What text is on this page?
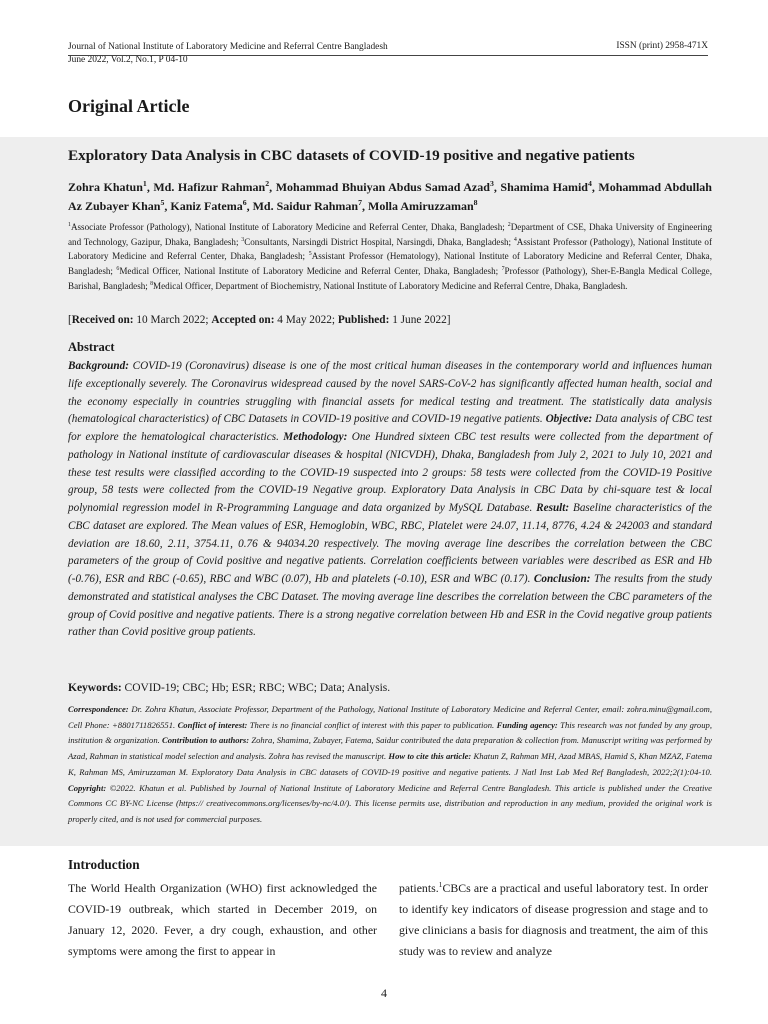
Journal of National Institute of Laboratory Medicine and Referral Centre Bangladesh
June 2022, Vol.2, No.1, P 04-10
ISSN (print) 2958-471X
Original Article
Exploratory Data Analysis in CBC datasets of COVID-19 positive and negative patients
Zohra Khatun$^1$, Md. Hafizur Rahman$^2$, Mohammad Bhuiyan Abdus Samad Azad$^3$, Shamima Hamid$^4$, Mohammad Abdullah Az Zubayer Khan$^5$, Kaniz Fatema$^6$, Md. Saidur Rahman$^7$, Molla Amiruzzaman$^8$
$^1$Associate Professor (Pathology), National Institute of Laboratory Medicine and Referral Center, Dhaka, Bangladesh; $^2$Department of CSE, Dhaka University of Engineering and Technology, Gazipur, Dhaka, Bangladesh; $^3$Consultants, Narsingdi District Hospital, Narsingdi, Dhaka, Bangladesh; $^4$Assistant Professor (Pathology), National Institute of Laboratory Medicine and Referral Center, Dhaka, Bangladesh; $^5$Assistant Professor (Hematology), National Institute of Laboratory Medicine and Referral Center, Dhaka, Bangladesh; $^6$Medical Officer, National Institute of Laboratory Medicine and Referral Center, Dhaka, Bangladesh; $^7$Professor (Pathology), Sher-E-Bangla Medical College, Barishal, Bangladesh; $^8$Medical Officer, Department of Biochemistry, National Institute of Laboratory Medicine and Referral Centre, Dhaka, Bangladesh.
[Received on: 10 March 2022; Accepted on: 4 May 2022; Published: 1 June 2022]
Abstract
Background: COVID-19 (Coronavirus) disease is one of the most critical human diseases in the contemporary world and influences human life exceptionally severely. The Coronavirus widespread caused by the novel SARS-CoV-2 has significantly affected human health, social and the economy especially in countries struggling with financial assets for medical testing and treatment. The statistically data analysis (hematological characteristics) of CBC Datasets in COVID-19 positive and COVID-19 negative patients. Objective: Data analysis of CBC test for explore the hematological characteristics. Methodology: One Hundred sixteen CBC test results were collected from the department of pathology in National institute of cardiovascular diseases & hospital (NICVDH), Dhaka, Bangladesh from July 2, 2021 to July 10, 2021 and these test results were classified according to the COVID-19 suspected into 2 groups: 58 tests were collected from the COVID-19 Positive group, 58 tests were collected from the COVID-19 Negative group. Exploratory Data Analysis in CBC Data by chi-square test & local polynomial regression model in R-Programming Language and data organized by MySQL Database. Result: Baseline characteristics of the CBC dataset are explored. The Mean values of ESR, Hemoglobin, WBC, RBC, Platelet were 24.07, 11.14, 8776, 4.24 & 242003 and standard deviation are 18.60, 2.11, 3754.11, 0.76 & 94034.20 respectively. The moving average line describes the correlation between the CBC parameters of the group of Covid positive and negative patients. Correlation coefficients between variables were described as ESR and Hb (-0.76), ESR and RBC (-0.65), RBC and WBC (0.07), Hb and platelets (-0.10), ESR and WBC (0.17). Conclusion: The results from the study demonstrated and statistical analyses the CBC Dataset. The moving average line describes the correlation between the CBC parameters of the group of Covid positive and negative patients. There is a strong negative correlation between Hb and ESR in the Covid negative group patients rather than Covid positive group patients.
Keywords: COVID-19; CBC; Hb; ESR; RBC; WBC; Data; Analysis.
Correspondence: Dr. Zohra Khatun, Associate Professor, Department of the Pathology, National Institute of Laboratory Medicine and Referral Center, email: zohra.minu@gmail.com, Cell Phone: +8801711826551. Conflict of interest: There is no financial conflict of interest with this paper to publication. Funding agency: This research was not funded by any group, institution & organization. Contribution to authors: Zohra, Shamima, Zubayer, Fatema, Saidur contributed the data preparation & collection from. Manuscript writing was performed by Azad, Rahman in statistical model selection and analysis. Zohra has revised the manuscript. How to cite this article: Khatun Z, Rahman MH, Azad MBAS, Hamid S, Khan MZAZ, Fatema K, Rahman MS, Amiruzzaman M. Exploratory Data Analysis in CBC datasets of COVID-19 positive and negative patients. J Natl Inst Lab Med Ref Bangladesh, 2022;2(1):04-10. Copyright: ©2022. Khatun et al. Published by Journal of National Institute of Laboratory Medicine and Referral Centre Bangladesh. This article is published under the Creative Commons CC BY-NC License (https:// creativecommons.org/licenses/by-nc/4.0/). This license permits use, distribution and reproduction in any medium, provided the original work is properly cited, and is not used for commercial purposes.
Introduction
The World Health Organization (WHO) first acknowledged the COVID-19 outbreak, which started in December 2019, on January 12, 2020. Fever, a dry cough, exhaustion, and other symptoms were among the first to appear in
patients.$^1$CBCs are a practical and useful laboratory test. In order to identify key indicators of disease progression and stage and to give clinicians a basis for diagnosis and treatment, the aim of this study was to review and analyze
4
